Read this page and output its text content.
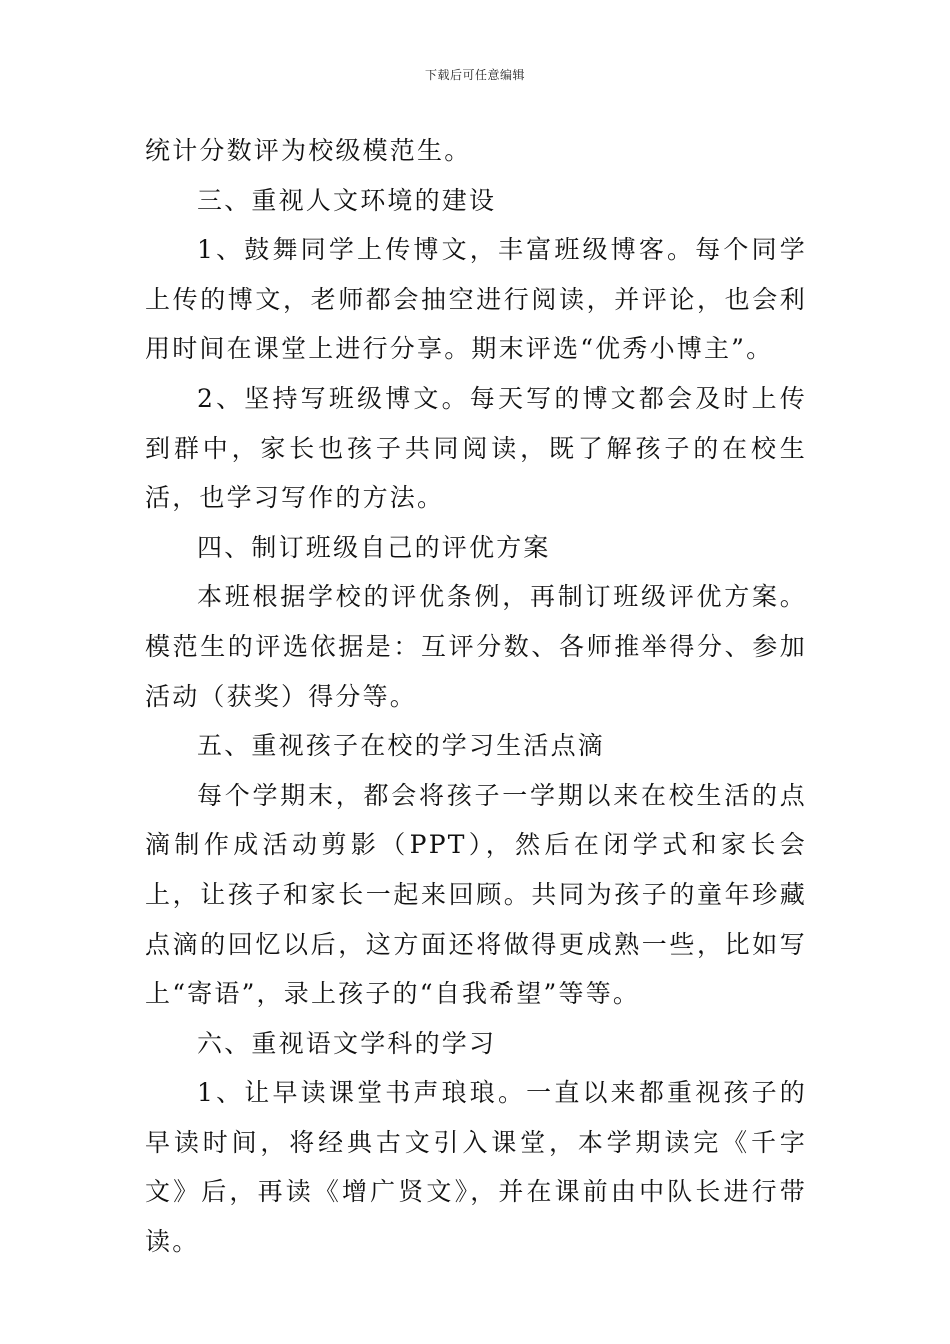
下载后可任意编辑

统计分数评为校级模范生。

三、重视人文环境的建设

1、鼓舞同学上传博文，丰富班级博客。每个同学上传的博文，老师都会抽空进行阅读，并评论，也会利用时间在课堂上进行分享。期末评选“优秀小博主”。

2、坚持写班级博文。每天写的博文都会及时上传到群中，家长也孩子共同阅读，既了解孩子的在校生活，也学习写作的方法。

四、制订班级自己的评优方案

本班根据学校的评优条例，再制订班级评优方案。模范生的评选依据是：互评分数、各师推举得分、参加活动（获奖）得分等。

五、重视孩子在校的学习生活点滴

每个学期末，都会将孩子一学期以来在校生活的点滴制作成活动剪影（PPT），然后在闭学式和家长会上，让孩子和家长一起来回顾。共同为孩子的童年珍藏点滴的回忆以后，这方面还将做得更成熟一些，比如写上“寄语”，录上孩子的“自我希望”等等。

六、重视语文学科的学习

1、让早读课堂书声琅琅。一直以来都重视孩子的早读时间，将经典古文引入课堂，本学期读完《千字文》后，再读《增广贤文》，并在课前由中队长进行带读。
